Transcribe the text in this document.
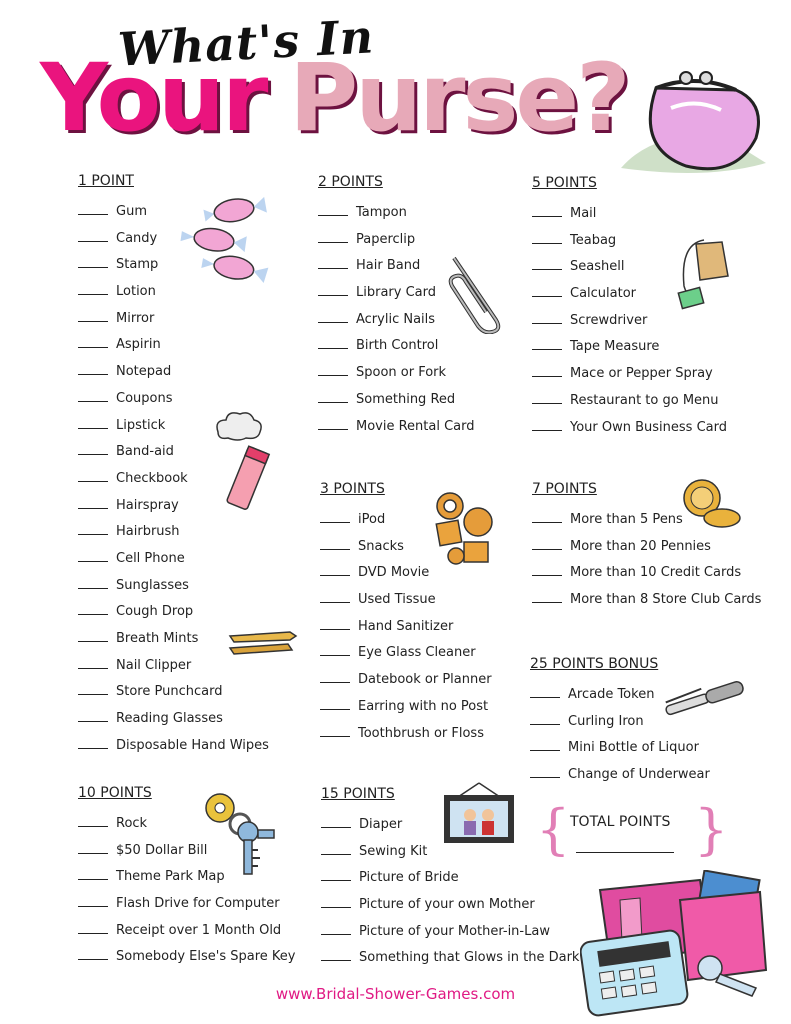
What's In
Your Purse?
1 POINT
Gum
Candy
Stamp
Lotion
Mirror
Aspirin
Notepad
Coupons
Lipstick
Band-aid
Checkbook
Hairspray
Hairbrush
Cell Phone
Sunglasses
Cough Drop
Breath Mints
Nail Clipper
Store Punchcard
Reading Glasses
Disposable Hand Wipes
2 POINTS
Tampon
Paperclip
Hair Band
Library Card
Acrylic Nails
Birth Control
Spoon or Fork
Something Red
Movie Rental Card
5 POINTS
Mail
Teabag
Seashell
Calculator
Screwdriver
Tape Measure
Mace or Pepper Spray
Restaurant to go Menu
Your Own Business Card
3 POINTS
iPod
Snacks
DVD Movie
Used Tissue
Hand Sanitizer
Eye Glass Cleaner
Datebook or Planner
Earring with no Post
Toothbrush or Floss
7 POINTS
More than 5 Pens
More than 20 Pennies
More than 10 Credit Cards
More than 8 Store Club Cards
25 POINTS BONUS
Arcade Token
Curling Iron
Mini Bottle of Liquor
Change of Underwear
10 POINTS
Rock
$50 Dollar Bill
Theme Park Map
Flash Drive for Computer
Receipt over 1 Month Old
Somebody Else's Spare Key
15 POINTS
Diaper
Sewing Kit
Picture of Bride
Picture of your own Mother
Picture of your Mother-in-Law
Something that Glows in the Dark
{ }
TOTAL POINTS
www.Bridal-Shower-Games.com
